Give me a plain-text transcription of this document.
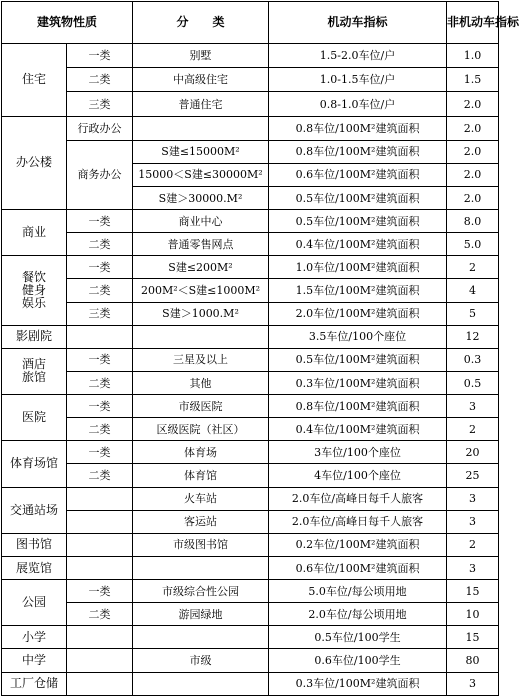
建筑物性质		分　　类	机动车指标	非机动车指标
住宅	一类	别墅	1.5-2.0车位/户	1.0
	二类	中高级住宅	1.0-1.5车位/户	1.5
	三类	普通住宅	0.8-1.0车位/户	2.0
办公楼	行政办公		0.8车位/100M²建筑面积	2.0
	商务办公	S建≤15000M²	0.8车位/100M²建筑面积	2.0
		15000＜S建≤30000M²	0.6车位/100M²建筑面积	2.0
		S建＞30000.M²	0.5车位/100M²建筑面积	2.0
商业	一类	商业中心	0.5车位/100M²建筑面积	8.0
	二类	普通零售网点	0.4车位/100M²建筑面积	5.0
餐饮健身娱乐	一类	S建≤200M²	1.0车位/100M²建筑面积	2
	二类	200M²＜S建≤1000M²	1.5车位/100M²建筑面积	4
	三类	S建＞1000.M²	2.0车位/100M²建筑面积	5
影剧院			3.5车位/100个座位	12
酒店旅馆	一类	三星及以上	0.5车位/100M²建筑面积	0.3
	二类	其他	0.3车位/100M²建筑面积	0.5
医院	一类	市级医院	0.8车位/100M²建筑面积	3
	二类	区级医院（社区）	0.4车位/100M²建筑面积	2
体育场馆	一类	体育场	3车位/100个座位	20
	二类	体育馆	4车位/100个座位	25
交通站场		火车站	2.0车位/高峰日每千人旅客	3
		客运站	2.0车位/高峰日每千人旅客	3
图书馆		市级图书馆	0.2车位/100M²建筑面积	2
展览馆			0.6车位/100M²建筑面积	3
公园	一类	市级综合性公园	5.0车位/每公顷用地	15
	二类	游园绿地	2.0车位/每公顷用地	10
小学			0.5车位/100学生	15
中学		市级	0.6车位/100学生	80
工厂仓储			0.3车位/100M²建筑面积	3
